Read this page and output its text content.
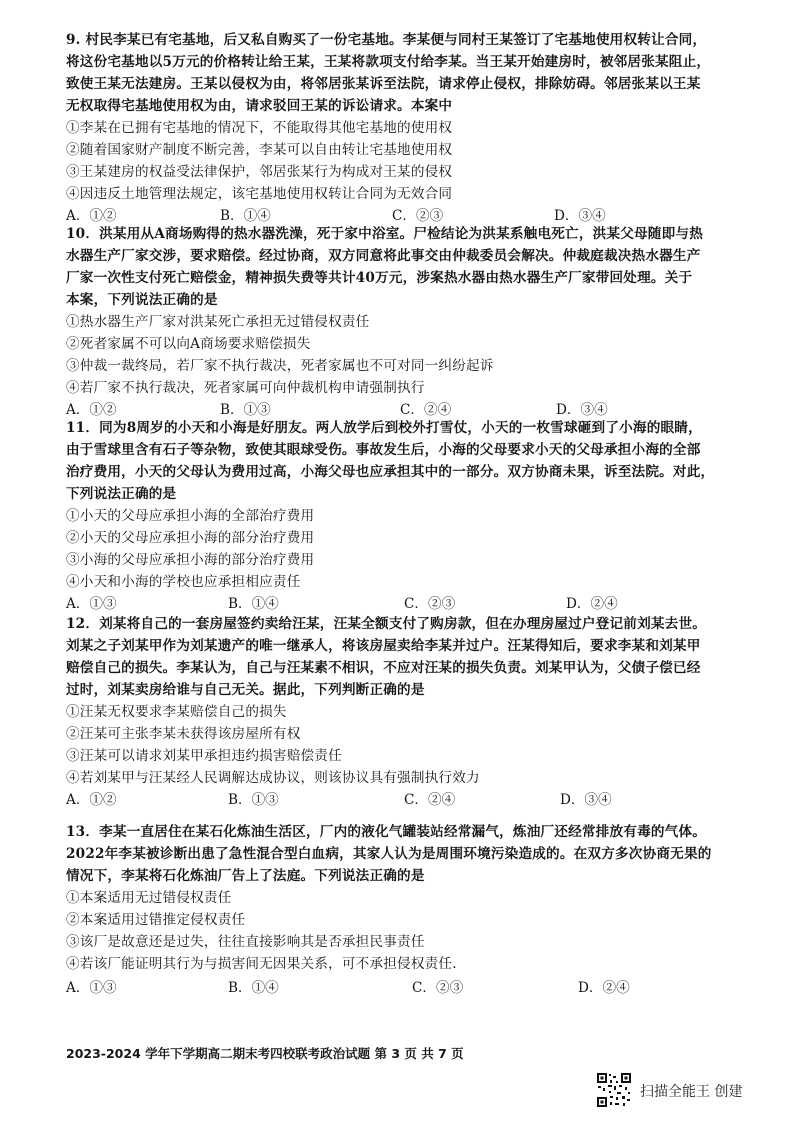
9. 村民李某已有宅基地，后又私自购买了一份宅基地。李某便与同村王某签订了宅基地使用权转让合同，
将这份宅基地以5万元的价格转让给王某，王某将款项支付给李某。当王某开始建房时，被邻居张某阻止，
致使王某无法建房。王某以侵权为由，将邻居张某诉至法院，请求停止侵权，排除妨碍。邻居张某以王某
无权取得宅基地使用权为由，请求驳回王某的诉讼请求。本案中
①李某在已拥有宅基地的情况下，不能取得其他宅基地的使用权
②随着国家财产制度不断完善，李某可以自由转让宅基地使用权
③王某建房的权益受法律保护，邻居张某行为构成对王某的侵权
④因违反土地管理法规定，该宅基地使用权转让合同为无效合同
A．①②	B．①④	C．②③	D．③④
10．洪某用从A商场购得的热水器洗澡，死于家中浴室。尸检结论为洪某系触电死亡，洪某父母随即与热
水器生产厂家交涉，要求赔偿。经过协商，双方同意将此事交由仲裁委员会解决。仲裁庭裁决热水器生产
厂家一次性支付死亡赔偿金，精神损失费等共计40万元，涉案热水器由热水器生产厂家带回处理。关于
本案，下列说法正确的是
①热水器生产厂家对洪某死亡承担无过错侵权责任
②死者家属不可以向A商场要求赔偿损失
③仲裁一裁终局，若厂家不执行裁决，死者家属也不可对同一纠纷起诉
④若厂家不执行裁决，死者家属可向仲裁机构申请强制执行
A．①②	B．①③	C．②④	D．③④
11．同为8周岁的小天和小海是好朋友。两人放学后到校外打雪仗，小天的一枚雪球砸到了小海的眼睛，
由于雪球里含有石子等杂物，致使其眼球受伤。事故发生后，小海的父母要求小天的父母承担小海的全部
治疗费用，小天的父母认为费用过高，小海父母也应承担其中的一部分。双方协商未果，诉至法院。对此，
下列说法正确的是
①小天的父母应承担小海的全部治疗费用
②小天的父母应承担小海的部分治疗费用
③小海的父母应承担小海的部分治疗费用
④小天和小海的学校也应承担相应责任
A．①③	B．①④	C．②③	D．②④
12．刘某将自己的一套房屋签约卖给汪某，汪某全额支付了购房款，但在办理房屋过户登记前刘某去世。
刘某之子刘某甲作为刘某遗产的唯一继承人，将该房屋卖给李某并过户。汪某得知后，要求李某和刘某甲
赔偿自己的损失。李某认为，自己与汪某素不相识，不应对汪某的损失负责。刘某甲认为，父债子偿已经
过时，刘某卖房给谁与自己无关。据此，下列判断正确的是
①汪某无权要求李某赔偿自己的损失
②汪某可主张李某未获得该房屋所有权
③汪某可以请求刘某甲承担违约损害赔偿责任
④若刘某甲与汪某经人民调解达成协议，则该协议具有强制执行效力
A．①②	B．①③	C．②④	D．③④
13．李某一直居住在某石化炼油生活区，厂内的液化气罐装站经常漏气，炼油厂还经常排放有毒的气体。
2022年李某被诊断出患了急性混合型白血病，其家人认为是周围环境污染造成的。在双方多次协商无果的
情况下，李某将石化炼油厂告上了法庭。下列说法正确的是
①本案适用无过错侵权责任
②本案适用过错推定侵权责任
③该厂是故意还是过失，往往直接影响其是否承担民事责任
④若该厂能证明其行为与损害间无因果关系，可不承担侵权责任.
A．①③	B．①④	C．②③	D．②④
2023-2024 学年下学期高二期末考四校联考政治试题 第 3 页 共 7 页
扫描全能王 创建
